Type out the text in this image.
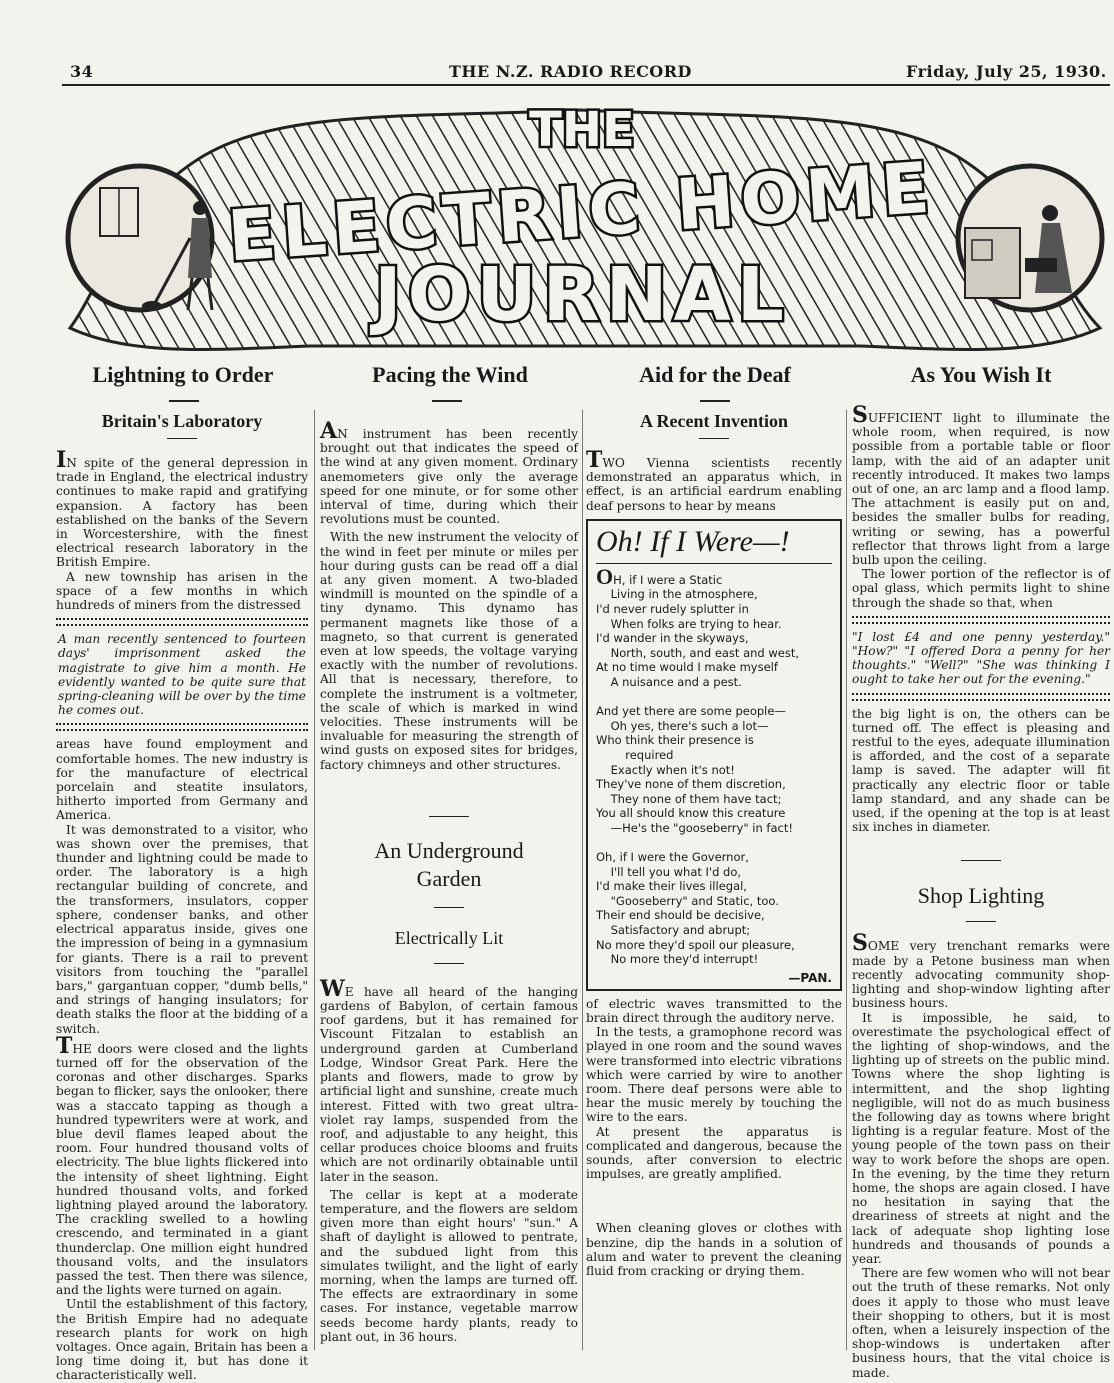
34	THE N.Z. RADIO RECORD	Friday, July 25, 1930.
THE
ELECTRIC HOME
JOURNAL
Lightning to Order	Pacing the Wind	Aid for the Deaf	As You Wish It
Britain's Laboratory

IN spite of the general depression in trade in England, the electrical industry continues to make rapid and gratifying expansion. A factory has been established on the banks of the Severn in Worcestershire, with the finest electrical research laboratory in the British Empire.

A new township has arisen in the space of a few months in which hundreds of miners from the distressed

A man recently sentenced to fourteen days' imprisonment asked the magistrate to give him a month. He evidently wanted to be quite sure that spring-cleaning will be over by the time he comes out.

areas have found employment and comfortable homes. The new industry is for the manufacture of electrical porcelain and steatite insulators, hitherto imported from Germany and America.

It was demonstrated to a visitor, who was shown over the premises, that thunder and lightning could be made to order. The laboratory is a high rectangular building of concrete, and the transformers, insulators, copper sphere, condenser banks, and other electrical apparatus inside, gives one the impression of being in a gymnasium for giants. There is a rail to prevent visitors from touching the "parallel bars," gargantuan copper, "dumb bells," and strings of hanging insulators; for death stalks the floor at the bidding of a switch.

THE doors were closed and the lights turned off for the observation of the coronas and other discharges. Sparks began to flicker, says the onlooker, there was a staccato tapping as though a hundred typewriters were at work, and blue devil flames leaped about the room. Four hundred thousand volts of electricity. The blue lights flickered into the intensity of sheet lightning. Eight hundred thousand volts, and forked lightning played around the laboratory. The crackling swelled to a howling crescendo, and terminated in a giant thunderclap. One million eight hundred thousand volts, and the insulators passed the test. Then there was silence, and the lights were turned on again.

Until the establishment of this factory, the British Empire had no adequate research plants for work on high voltages. Once again, Britain has been a long time doing it, but has done it characteristically well.

AN instrument has been recently brought out that indicates the speed of the wind at any given moment. Ordinary anemometers give only the average speed for one minute, or for some other interval of time, during which their revolutions must be counted.

With the new instrument the velocity of the wind in feet per minute or miles per hour during gusts can be read off a dial at any given moment. A two-bladed windmill is mounted on the spindle of a tiny dynamo. This dynamo has permanent magnets like those of a magneto, so that current is generated even at low speeds, the voltage varying exactly with the number of revolutions. All that is necessary, therefore, to complete the instrument is a voltmeter, the scale of which is marked in wind velocities. These instruments will be invaluable for measuring the strength of wind gusts on exposed sites for bridges, factory chimneys and other structures.

An Underground Garden
Electrically Lit

WE have all heard of the hanging gardens of Babylon, of certain famous roof gardens, but it has remained for Viscount Fitzalan to establish an underground garden at Cumberland Lodge, Windsor Great Park. Here the plants and flowers, made to grow by artificial light and sunshine, create much interest. Fitted with two great ultra-violet ray lamps, suspended from the roof, and adjustable to any height, this cellar produces choice blooms and fruits which are not ordinarily obtainable until later in the season.

The cellar is kept at a moderate temperature, and the flowers are seldom given more than eight hours' "sun." A shaft of daylight is allowed to pentrate, and the subdued light from this simulates twilight, and the light of early morning, when the lamps are turned off. The effects are extraordinary in some cases. For instance, vegetable marrow seeds become hardy plants, ready to plant out, in 36 hours.

A Recent Invention

TWO Vienna scientists recently demonstrated an apparatus which, in effect, is an artificial eardrum enabling deaf persons to hear by means

Oh! If I Were—!
OH, if I were a Static
Living in the atmosphere,
I'd never rudely splutter in
When folks are trying to hear.
I'd wander in the skyways,
North, south, and east and west,
At no time would I make myself
A nuisance and a pest.

And yet there are some people—
Oh yes, there's such a lot—
Who think their presence is
required
Exactly when it's not!
They've none of them discretion,
They none of them have tact;
You all should know this creature
—He's the "gooseberry" in fact!

Oh, if I were the Governor,
I'll tell you what I'd do,
I'd make their lives illegal,
"Gooseberry" and Static, too.
Their end should be decisive,
Satisfactory and abrupt;
No more they'd spoil our pleasure,
No more they'd interrupt!
—PAN.

of electric waves transmitted to the brain direct through the auditory nerve.

In the tests, a gramophone record was played in one room and the sound waves were transformed into electric vibrations which were carried by wire to another room. There deaf persons were able to hear the music merely by touching the wire to the ears.

At present the apparatus is complicated and dangerous, because the sounds, after conversion to electric impulses, are greatly amplified.

When cleaning gloves or clothes with benzine, dip the hands in a solution of alum and water to prevent the cleaning fluid from cracking or drying them.

SUFFICIENT light to illuminate the whole room, when required, is now possible from a portable table or floor lamp, with the aid of an adapter unit recently introduced. It makes two lamps out of one, an arc lamp and a flood lamp. The attachment is easily put on and, besides the smaller bulbs for reading, writing or sewing, has a powerful reflector that throws light from a large bulb upon the ceiling.

The lower portion of the reflector is of opal glass, which permits light to shine through the shade so that, when

"I lost £4 and one penny yesterday." "How?" "I offered Dora a penny for her thoughts." "Well?" "She was thinking I ought to take her out for the evening."

the big light is on, the others can be turned off. The effect is pleasing and restful to the eyes, adequate illumination is afforded, and the cost of a separate lamp is saved. The adapter will fit practically any electric floor or table lamp standard, and any shade can be used, if the opening at the top is at least six inches in diameter.

Shop Lighting

SOME very trenchant remarks were made by a Petone business man when recently advocating community shop-lighting and shop-window lighting after business hours.

It is impossible, he said, to overestimate the psychological effect of the lighting of shop-windows, and the lighting up of streets on the public mind. Towns where the shop lighting is intermittent, and the shop lighting negligible, will not do as much business the following day as towns where bright lighting is a regular feature. Most of the young people of the town pass on their way to work before the shops are open. In the evening, by the time they return home, the shops are again closed. I have no hesitation in saying that the dreariness of streets at night and the lack of adequate shop lighting lose hundreds and thousands of pounds a year.

There are few women who will not bear out the truth of these remarks. Not only does it apply to those who must leave their shopping to others, but it is most often, when a leisurely inspection of the shop-windows is undertaken after business hours, that the vital choice is made.
